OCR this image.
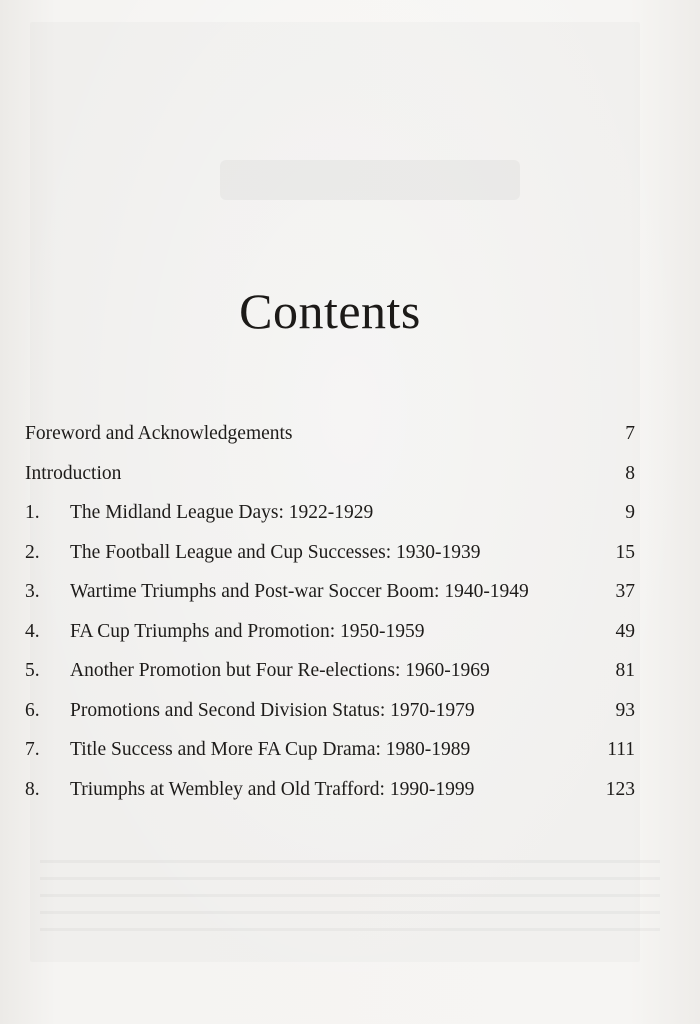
Contents
Foreword and Acknowledgements	7
Introduction	8
1. The Midland League Days: 1922-1929	9
2. The Football League and Cup Successes: 1930-1939	15
3. Wartime Triumphs and Post-war Soccer Boom: 1940-1949	37
4. FA Cup Triumphs and Promotion: 1950-1959	49
5. Another Promotion but Four Re-elections: 1960-1969	81
6. Promotions and Second Division Status: 1970-1979	93
7. Title Success and More FA Cup Drama: 1980-1989	111
8. Triumphs at Wembley and Old Trafford: 1990-1999	123
